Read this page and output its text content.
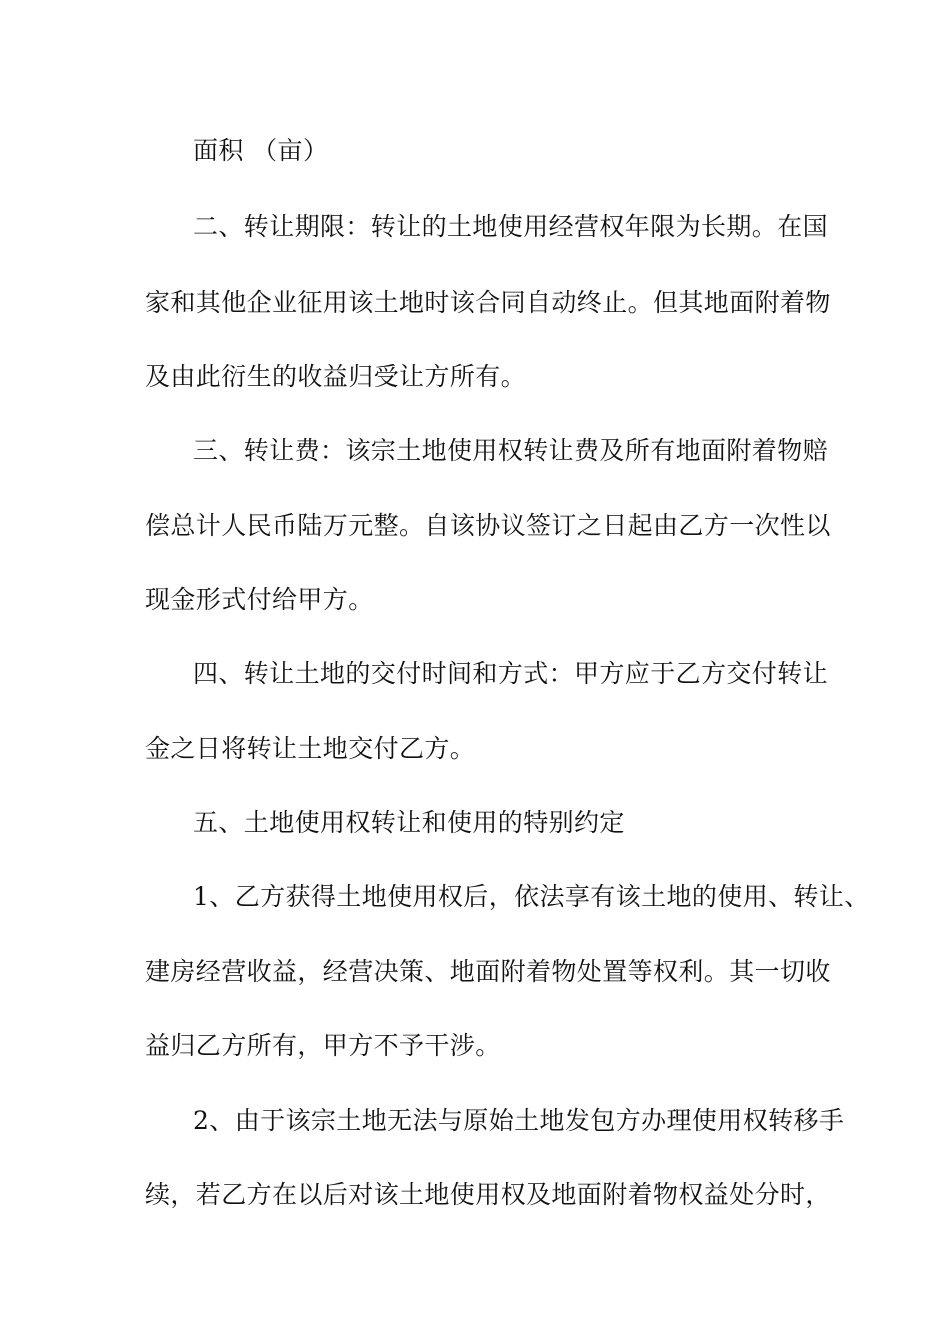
面积 （亩）
二、转让期限：转让的土地使用经营权年限为长期。在国
家和其他企业征用该土地时该合同自动终止。但其地面附着物
及由此衍生的收益归受让方所有。
三、转让费：该宗土地使用权转让费及所有地面附着物赔
偿总计人民币陆万元整。自该协议签订之日起由乙方一次性以
现金形式付给甲方。
四、转让土地的交付时间和方式：甲方应于乙方交付转让
金之日将转让土地交付乙方。
五、土地使用权转让和使用的特别约定
1、乙方获得土地使用权后，依法享有该土地的使用、转让、
建房经营收益，经营决策、地面附着物处置等权利。其一切收
益归乙方所有，甲方不予干涉。
2、由于该宗土地无法与原始土地发包方办理使用权转移手
续，若乙方在以后对该土地使用权及地面附着物权益处分时，
